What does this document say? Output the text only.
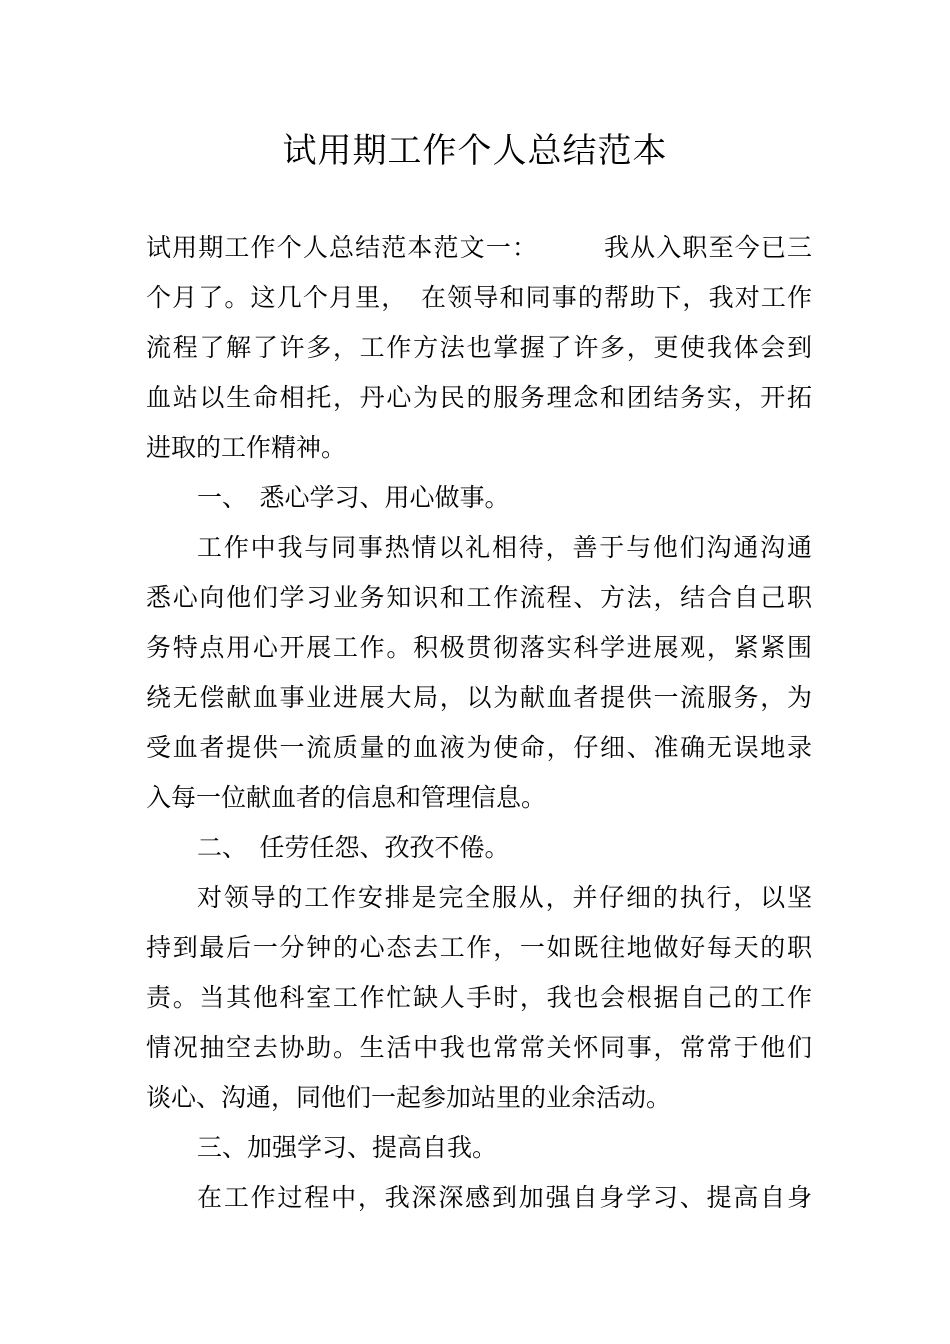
试用期工作个人总结范本

试用期工作个人总结范本范文一：　　　我从入职至今已三

个月了。这几个月里，　在领导和同事的帮助下，我对工作

流程了解了许多，工作方法也掌握了许多，更使我体会到

血站以生命相托，丹心为民的服务理念和团结务实，开拓

进取的工作精神。

一、　悉心学习、用心做事。

工作中我与同事热情以礼相待，善于与他们沟通沟通

悉心向他们学习业务知识和工作流程、方法，结合自己职

务特点用心开展工作。积极贯彻落实科学进展观，紧紧围

绕无偿献血事业进展大局，以为献血者提供一流服务，为

受血者提供一流质量的血液为使命，仔细、准确无误地录

入每一位献血者的信息和管理信息。

二、　任劳任怨、孜孜不倦。

对领导的工作安排是完全服从，并仔细的执行，以坚

持到最后一分钟的心态去工作，一如既往地做好每天的职

责。当其他科室工作忙缺人手时，我也会根据自己的工作

情况抽空去协助。生活中我也常常关怀同事，常常于他们

谈心、沟通，同他们一起参加站里的业余活动。

三、加强学习、提高自我。

在工作过程中，我深深感到加强自身学习、提高自身
